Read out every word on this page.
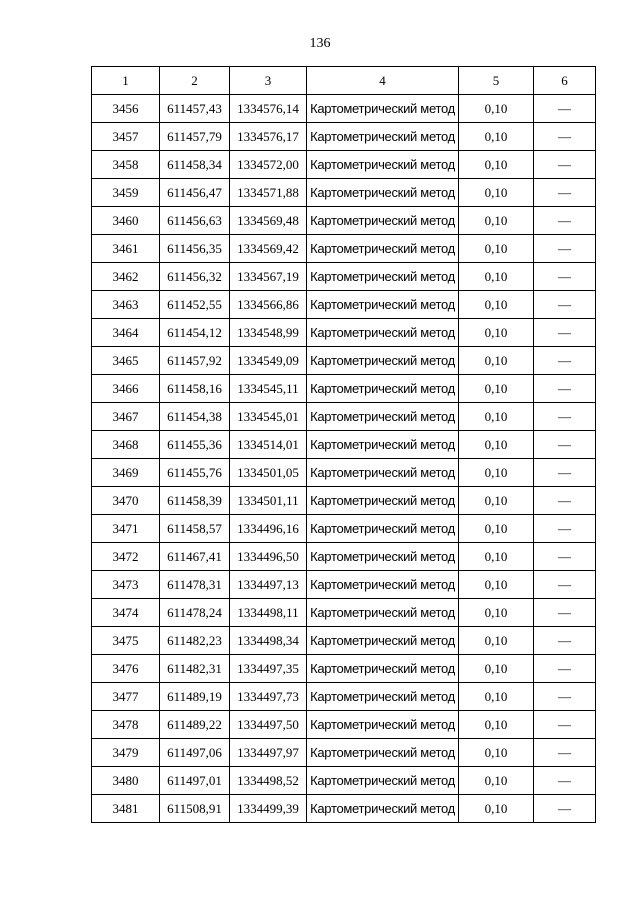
136
1	2	3	4	5	6
3456	611457,43	1334576,14	Картометрический метод	0,10	—
3457	611457,79	1334576,17	Картометрический метод	0,10	—
3458	611458,34	1334572,00	Картометрический метод	0,10	—
3459	611456,47	1334571,88	Картометрический метод	0,10	—
3460	611456,63	1334569,48	Картометрический метод	0,10	—
3461	611456,35	1334569,42	Картометрический метод	0,10	—
3462	611456,32	1334567,19	Картометрический метод	0,10	—
3463	611452,55	1334566,86	Картометрический метод	0,10	—
3464	611454,12	1334548,99	Картометрический метод	0,10	—
3465	611457,92	1334549,09	Картометрический метод	0,10	—
3466	611458,16	1334545,11	Картометрический метод	0,10	—
3467	611454,38	1334545,01	Картометрический метод	0,10	—
3468	611455,36	1334514,01	Картометрический метод	0,10	—
3469	611455,76	1334501,05	Картометрический метод	0,10	—
3470	611458,39	1334501,11	Картометрический метод	0,10	—
3471	611458,57	1334496,16	Картометрический метод	0,10	—
3472	611467,41	1334496,50	Картометрический метод	0,10	—
3473	611478,31	1334497,13	Картометрический метод	0,10	—
3474	611478,24	1334498,11	Картометрический метод	0,10	—
3475	611482,23	1334498,34	Картометрический метод	0,10	—
3476	611482,31	1334497,35	Картометрический метод	0,10	—
3477	611489,19	1334497,73	Картометрический метод	0,10	—
3478	611489,22	1334497,50	Картометрический метод	0,10	—
3479	611497,06	1334497,97	Картометрический метод	0,10	—
3480	611497,01	1334498,52	Картометрический метод	0,10	—
3481	611508,91	1334499,39	Картометрический метод	0,10	—
